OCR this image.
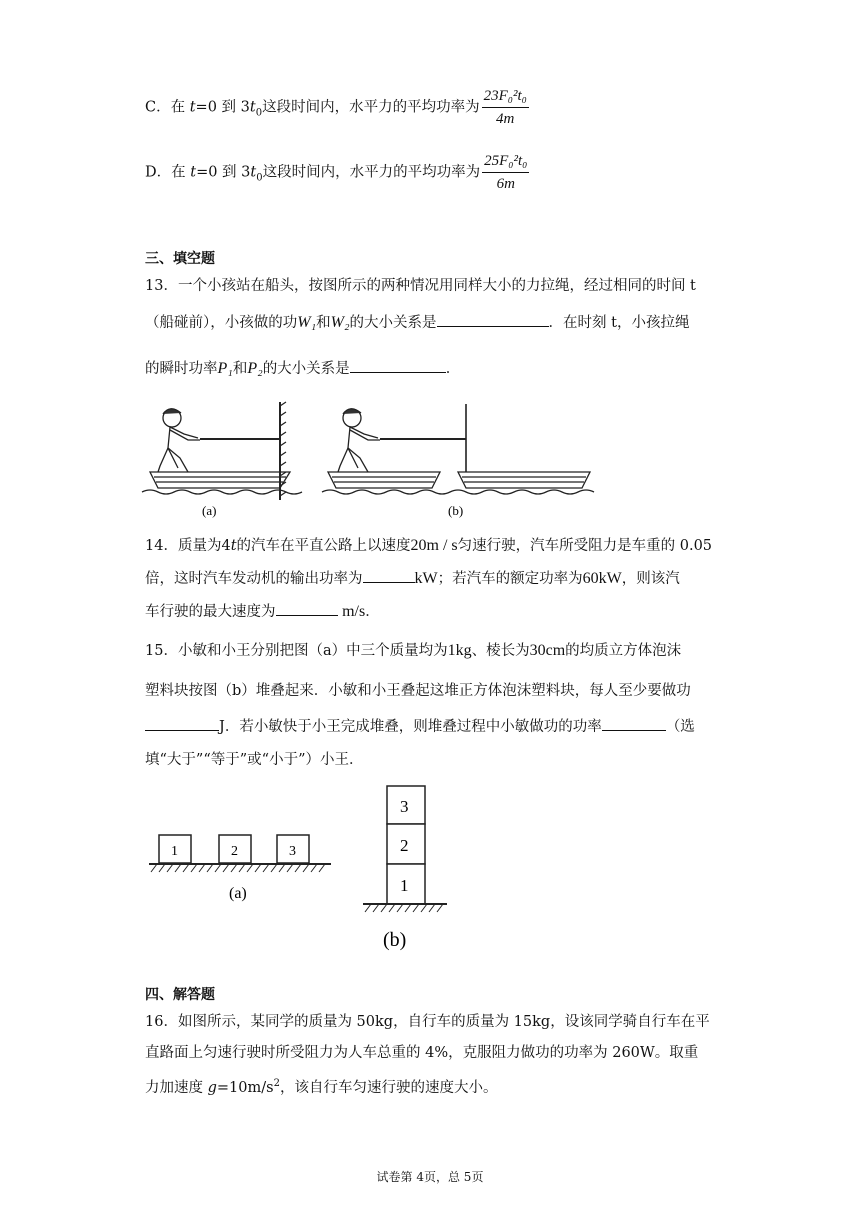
C．在 t=0 到 $3t_0$这段时间内，水平力的平均功率为 $\frac{\text{23F₀²t₀}}{4m}$
D．在 t=0 到 $3t_0$这段时间内，水平力的平均功率为 $\frac{\text{25F₀²t₀}}{6m}$
三、填空题
13．一个小孩站在船头，按图所示的两种情况用同样大小的力拉绳，经过相同的时间 t
（船碰前），小孩做的功W₁和W₂的大小关系是	．在时刻 t，小孩拉绳
的瞬时功率P₁和P₂的大小关系是	．
(a)	(b)
14．质量为4t的汽车在平直公路上以速度20m / s匀速行驶，汽车所受阻力是车重的 0.05
倍，这时汽车发动机的输出功率为	kW；若汽车的额定功率为60kW，则该汽
车行驶的最大速度为	m/s．
15．小敏和小王分别把图（a）中三个质量均为1kg、棱长为30cm的均质立方体泡沫
塑料块按图（b）堆叠起来．小敏和小王叠起这堆正方体泡沫塑料块，每人至少要做功
J．若小敏快于小王完成堆叠，则堆叠过程中小敏做功的功率	（选
填“大于”“等于”或“小于”）小王．
1	2	3
(a)
3
2
1
(b)
四、解答题
16．如图所示，某同学的质量为 50kg，自行车的质量为 15kg，设该同学骑自行车在平
直路面上匀速行驶时所受阻力为人车总重的 4%，克服阻力做功的功率为 260W。取重
力加速度 $g=10m/s^2$，该自行车匀速行驶的速度大小。
试卷第 4页，总 5页
